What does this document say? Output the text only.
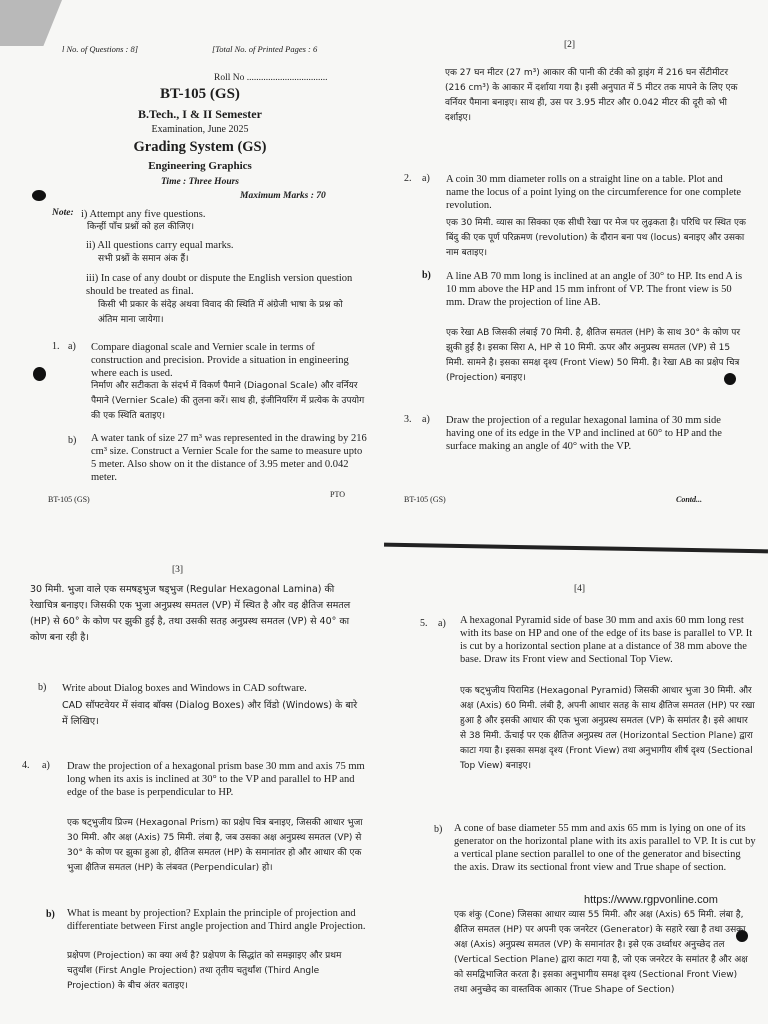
l No. of Questions : 8]	[Total No. of Printed Pages : 6
Roll No ..................................
BT-105 (GS)
B.Tech., I & II Semester
Examination, June 2025
Grading System (GS)
Engineering Graphics
Time : Three Hours
Maximum Marks : 70
Note: i) Attempt any five questions.
किन्हीं पाँच प्रश्नों को हल कीजिए।
ii) All questions carry equal marks.
सभी प्रश्नों के समान अंक हैं।
iii) In case of any doubt or dispute the English version question should be treated as final.
किसी भी प्रकार के संदेह अथवा विवाद की स्थिति में अंग्रेजी भाषा के प्रश्न को अंतिम माना जायेगा।
1. a) Compare diagonal scale and Vernier scale in terms of construction and precision. Provide a situation in engineering where each is used.
निर्माण और सटीकता के संदर्भ में विकर्ण पैमाने (Diagonal Scale) और वर्नियर पैमाने (Vernier Scale) की तुलना करें। साथ ही, इंजीनियरिंग में प्रत्येक के उपयोग की एक स्थिति बताइए।
b) A water tank of size 27 m³ was represented in the drawing by 216 cm³ size. Construct a Vernier Scale for the same to measure upto 5 meter. Also show on it the distance of 3.95 meter and 0.042 meter.
PTO
BT-105 (GS)
[2]
एक 27 घन मीटर (27 m³) आकार की पानी की टंकी को ड्राइंग में 216 घन सेंटीमीटर (216 cm³) के आकार में दर्शाया गया है। इसी अनुपात में 5 मीटर तक मापने के लिए एक वर्नियर पैमाना बनाइए। साथ ही, उस पर 3.95 मीटर और 0.042 मीटर की दूरी को भी दर्शाइए।
2. a) A coin 30 mm diameter rolls on a straight line on a table. Plot and name the locus of a point lying on the circumference for one complete revolution.
एक 30 मिमी. व्यास का सिक्का एक सीधी रेखा पर मेज पर लुढ़कता है। परिधि पर स्थित एक बिंदु की एक पूर्ण परिक्रमण (revolution) के दौरान बना पथ (locus) बनाइए और उसका नाम बताइए।
b) A line AB 70 mm long is inclined at an angle of 30° to HP. Its end A is 10 mm above the HP and 15 mm infront of VP. The front view is 50 mm. Draw the projection of line AB.
एक रेखा AB जिसकी लंबाई 70 मिमी. है, क्षैतिज समतल (HP) के साथ 30° के कोण पर झुकी हुई है। इसका सिरा A, HP से 10 मिमी. ऊपर और अनुप्रस्थ समतल (VP) से 15 मिमी. सामने है। इसका समक्ष दृश्य (Front View) 50 मिमी. है। रेखा AB का प्रक्षेप चित्र (Projection) बनाइए।
3. a) Draw the projection of a regular hexagonal lamina of 30 mm side having one of its edge in the VP and inclined at 60° to HP and the surface making an angle of 40° with the VP.
BT-105 (GS)	Contd...
[3]
30 मिमी. भुजा वाले एक समषड्भुज षड्भुज (Regular Hexagonal Lamina) की रेखाचित्र बनाइए। जिसकी एक भुजा अनुप्रस्थ समतल (VP) में स्थित है और वह क्षैतिज समतल (HP) से 60° के कोण पर झुकी हुई है, तथा उसकी सतह अनुप्रस्थ समतल (VP) से 40° का कोण बना रही है।
b) Write about Dialog boxes and Windows in CAD software.
CAD सॉफ्टवेयर में संवाद बॉक्स (Dialog Boxes) और विंडो (Windows) के बारे में लिखिए।
4. a) Draw the projection of a hexagonal prism base 30 mm and axis 75 mm long when its axis is inclined at 30° to the VP and parallel to HP and edge of the base is perpendicular to HP.
एक षट्भुजीय प्रिज्म (Hexagonal Prism) का प्रक्षेप चित्र बनाइए, जिसकी आधार भुजा 30 मिमी. और अक्ष (Axis) 75 मिमी. लंबा है, जब उसका अक्ष अनुप्रस्थ समतल (VP) से 30° के कोण पर झुका हुआ हो, क्षैतिज समतल (HP) के समानांतर हो और आधार की एक भुजा क्षैतिज समतल (HP) के लंबवत (Perpendicular) हो।
b) What is meant by projection? Explain the principle of projection and differentiate between First angle projection and Third angle Projection.
प्रक्षेपण (Projection) का क्या अर्थ है? प्रक्षेपण के सिद्धांत को समझाइए और प्रथम चतुर्थांश (First Angle Projection) तथा तृतीय चतुर्थांश (Third Angle Projection) के बीच अंतर बताइए।
[4]
5. a) A hexagonal Pyramid side of base 30 mm and axis 60 mm long rest with its base on HP and one of the edge of its base is parallel to VP. It is cut by a horizontal section plane at a distance of 38 mm above the base. Draw its Front view and Sectional Top View.
एक षट्भुजीय पिरामिड (Hexagonal Pyramid) जिसकी आधार भुजा 30 मिमी. और अक्ष (Axis) 60 मिमी. लंबी है, अपनी आधार सतह के साथ क्षैतिज समतल (HP) पर रखा हुआ है और इसकी आधार की एक भुजा अनुप्रस्थ समतल (VP) के समांतर है। इसे आधार से 38 मिमी. ऊँचाई पर एक क्षैतिज अनुप्रस्थ तल (Horizontal Section Plane) द्वारा काटा गया है। इसका समक्ष दृश्य (Front View) तथा अनुभागीय शीर्ष दृश्य (Sectional Top View) बनाइए।
b) A cone of base diameter 55 mm and axis 65 mm is lying on one of its generator on the horizontal plane with its axis parallel to VP. It is cut by a vertical plane section parallel to one of the generator and bisecting the axis. Draw its sectional front view and True shape of section.
https://www.rgpvonline.com
एक शंकु (Cone) जिसका आधार व्यास 55 मिमी. और अक्ष (Axis) 65 मिमी. लंबा है, क्षैतिज समतल (HP) पर अपनी एक जनरेटर (Generator) के सहारे रखा है तथा उसका अक्ष (Axis) अनुप्रस्थ समतल (VP) के समानांतर है। इसे एक उर्ध्वाधर अनुच्छेद तल (Vertical Section Plane) द्वारा काटा गया है, जो एक जनरेटर के समांतर है और अक्ष को समद्विभाजित करता है। इसका अनुभागीय समक्ष दृश्य (Sectional Front View) तथा अनुच्छेद का वास्तविक आकार (True Shape of Section)
